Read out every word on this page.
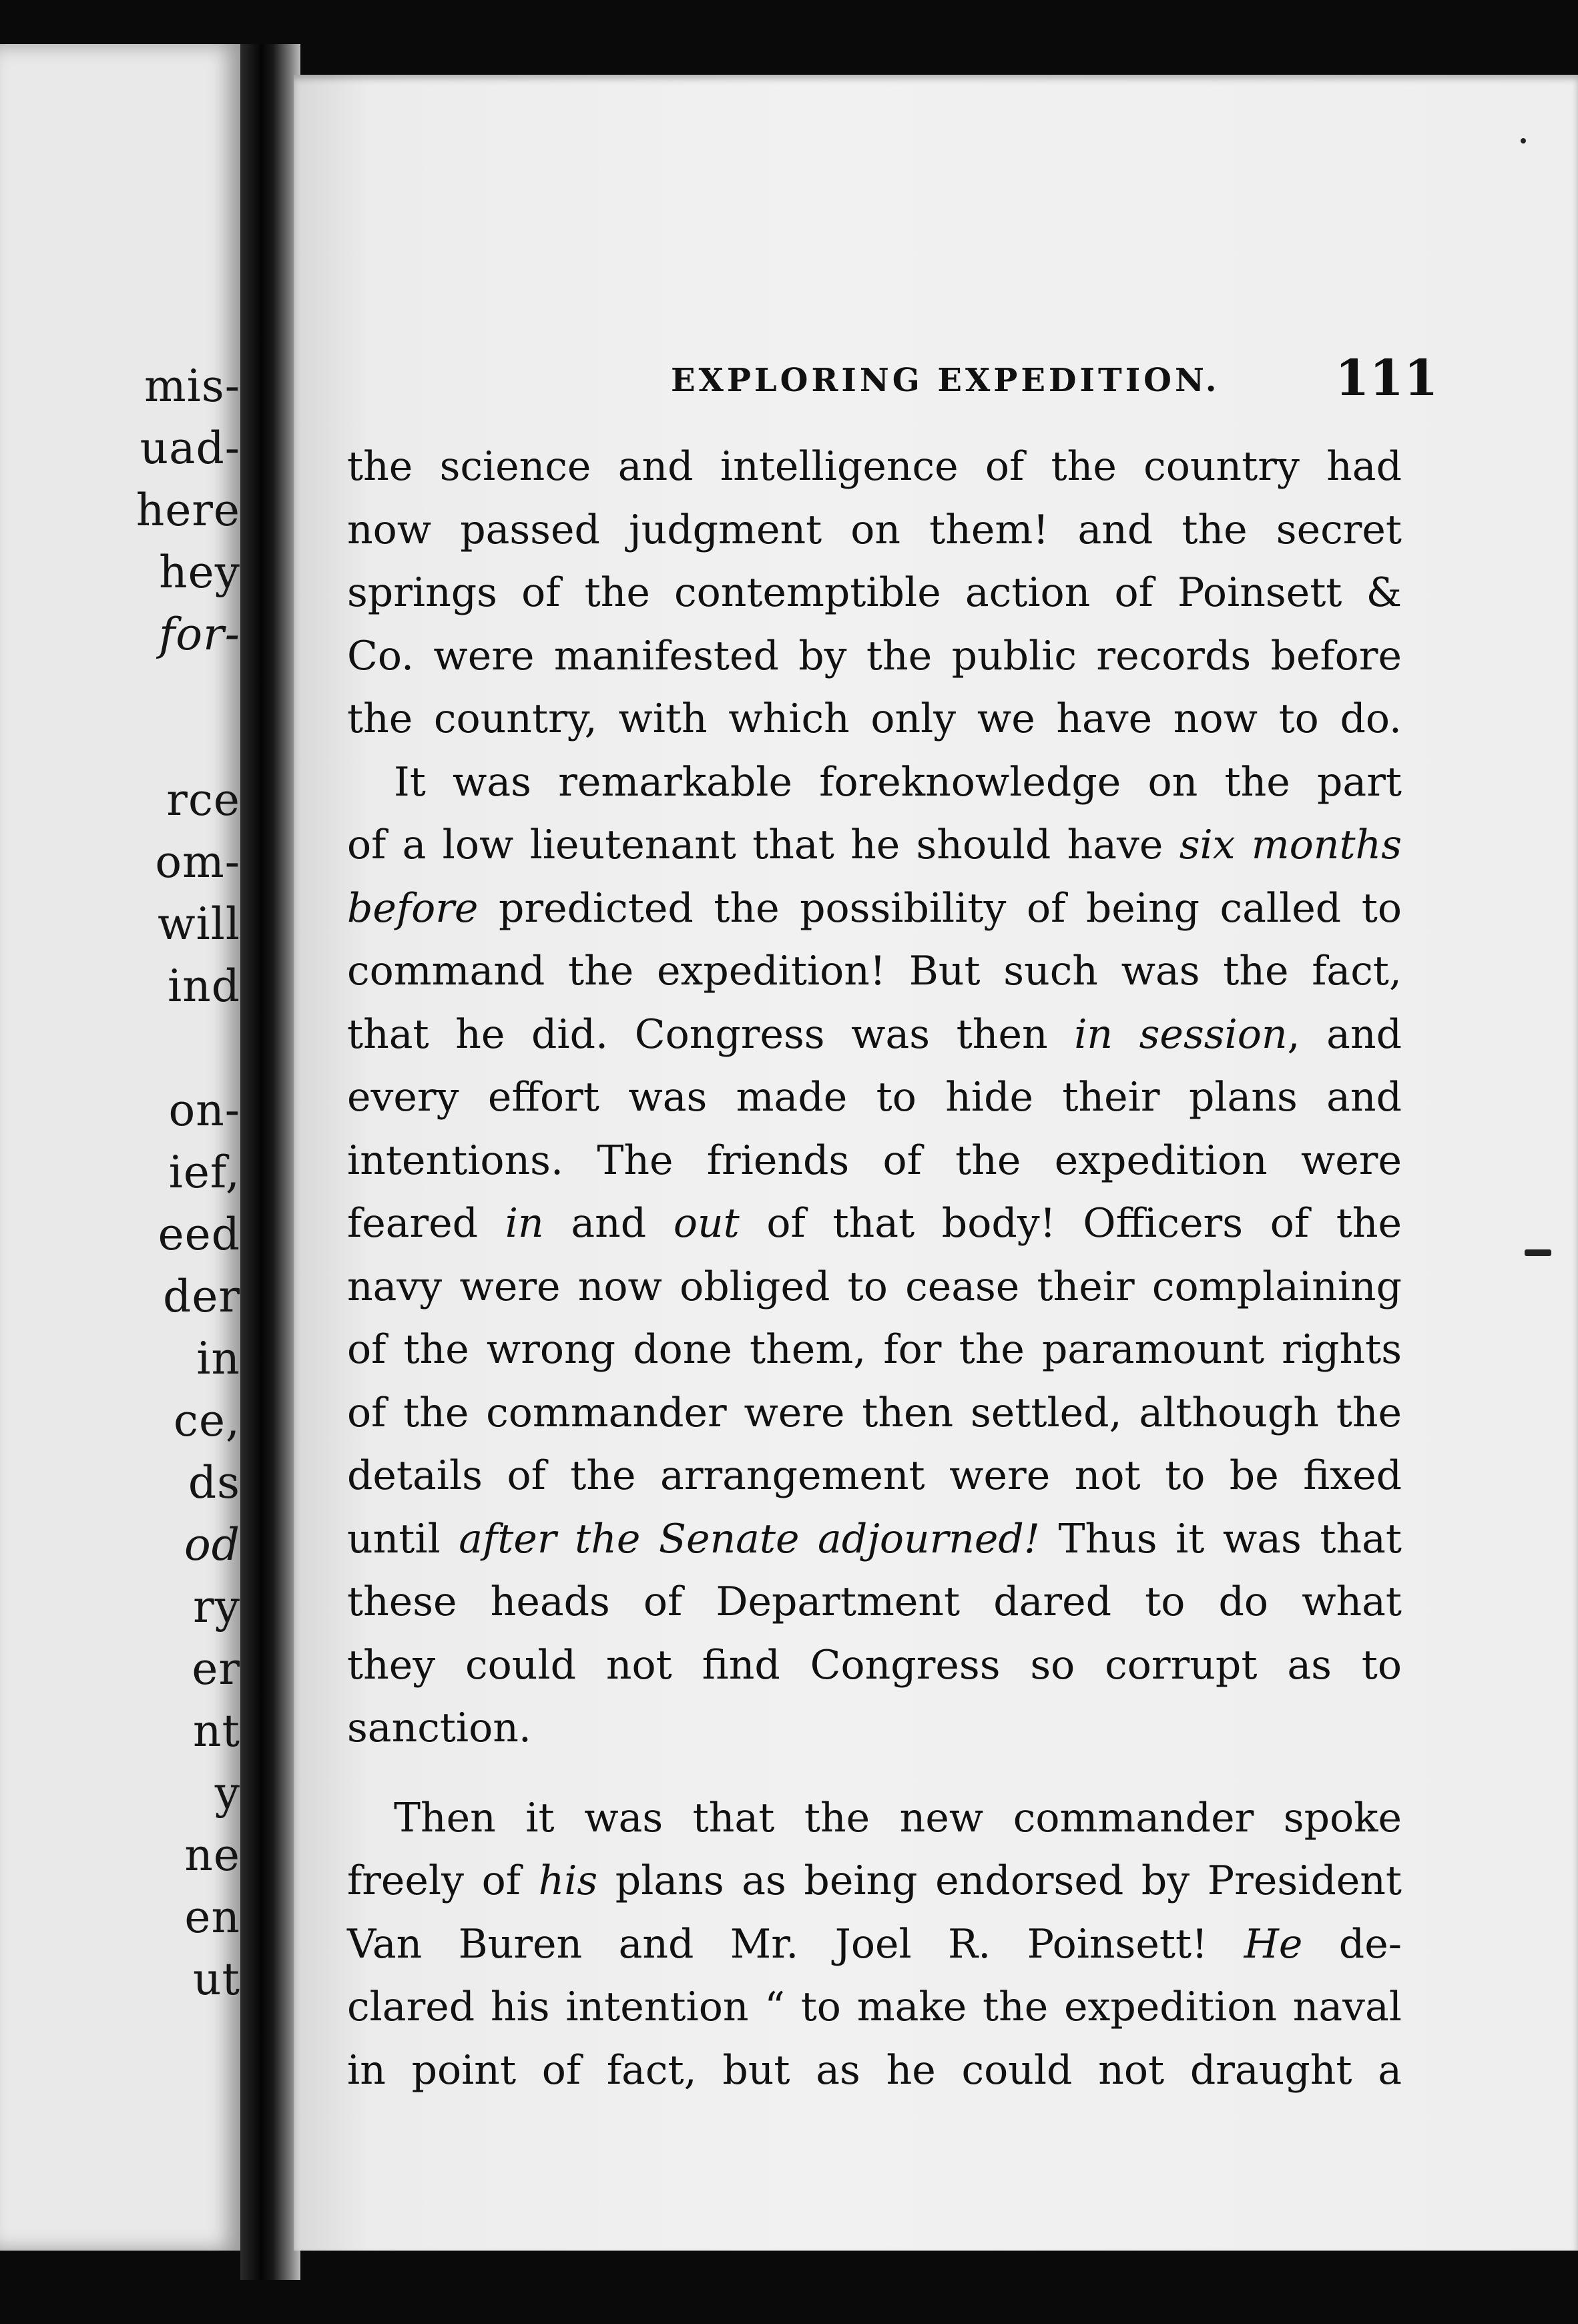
mis-
uad-
here
hey
for-
rce
om-
will
ind
on-
ief,
eed
der
in
ce,
ds
od
ry
er
nt
y
ne
en
ut
EXPLORING EXPEDITION. 111
the science and intelligence of the country had
now passed judgment on them! and the secret
springs of the contemptible action of Poinsett &
Co. were manifested by the public records before
the country, with which only we have now to do.
It was remarkable foreknowledge on the part
of a low lieutenant that he should have six months
before predicted the possibility of being called to
command the expedition! But such was the fact,
that he did. Congress was then in session, and
every effort was made to hide their plans and
intentions. The friends of the expedition were
feared in and out of that body! Officers of the
navy were now obliged to cease their complaining
of the wrong done them, for the paramount rights
of the commander were then settled, although the
details of the arrangement were not to be fixed
until after the Senate adjourned! Thus it was that
these heads of Department dared to do what
they could not find Congress so corrupt as to
sanction.
Then it was that the new commander spoke
freely of his plans as being endorsed by President
Van Buren and Mr. Joel R. Poinsett! He de-
clared his intention “ to make the expedition naval
in point of fact, but as he could not draught a
